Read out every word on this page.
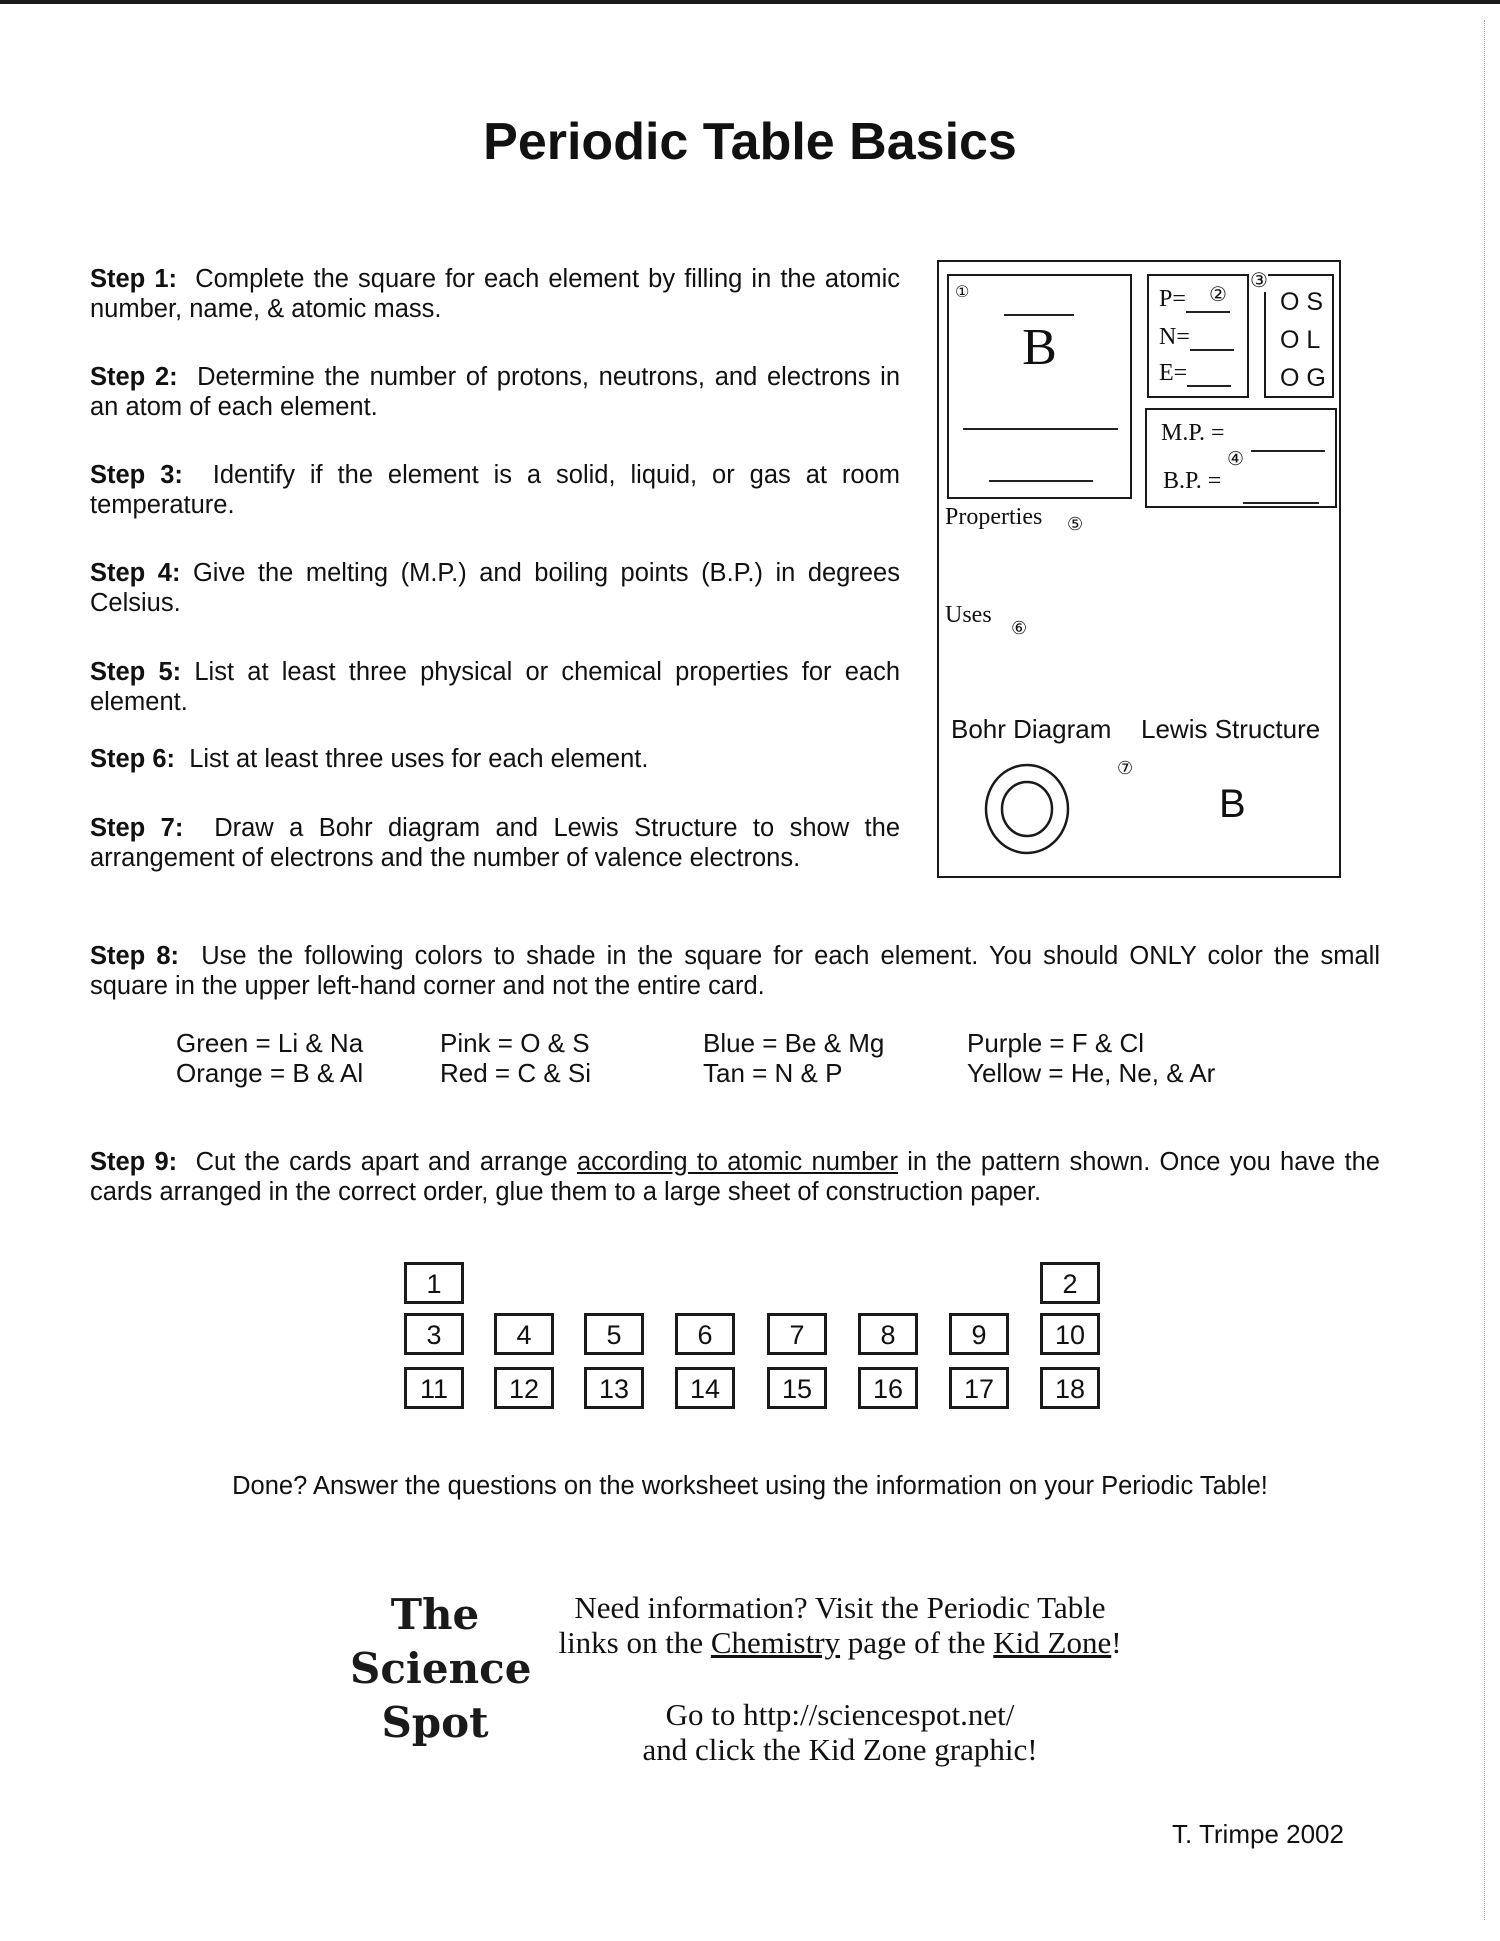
Periodic Table Basics
Step 1: Complete the square for each element by filling in the atomic number, name, & atomic mass.
Step 2: Determine the number of protons, neutrons, and electrons in an atom of each element.
Step 3: Identify if the element is a solid, liquid, or gas at room temperature.
Step 4: Give the melting (M.P.) and boiling points (B.P.) in degrees Celsius.
Step 5: List at least three physical or chemical properties for each element.
Step 6: List at least three uses for each element.
Step 7: Draw a Bohr diagram and Lewis Structure to show the arrangement of electrons and the number of valence electrons.
①
B
P=	②
N=
E=
③
O S
O L
O G
M.P. =
④
B.P. =
Properties ⑤
Uses
⑥
Bohr Diagram Lewis Structure
⑦
B
Step 8: Use the following colors to shade in the square for each element. You should ONLY color the small square in the upper left-hand corner and not the entire card.
Green = Li & Na	Pink = O & S	Blue = Be & Mg	Purple = F & Cl
Orange = B & Al	Red = C & Si	Tan = N & P	Yellow = He, Ne, & Ar
Step 9: Cut the cards apart and arrange according to atomic number in the pattern shown. Once you have the cards arranged in the correct order, glue them to a large sheet of construction paper.
1	2
3	4	5	6	7	8	9	10
11	12	13	14	15	16	17	18
Done? Answer the questions on the worksheet using the information on your Periodic Table!
The
Science
Spot
Need information? Visit the Periodic Table
links on the Chemistry page of the Kid Zone!
Go to http://sciencespot.net/
and click the Kid Zone graphic!
T. Trimpe 2002
